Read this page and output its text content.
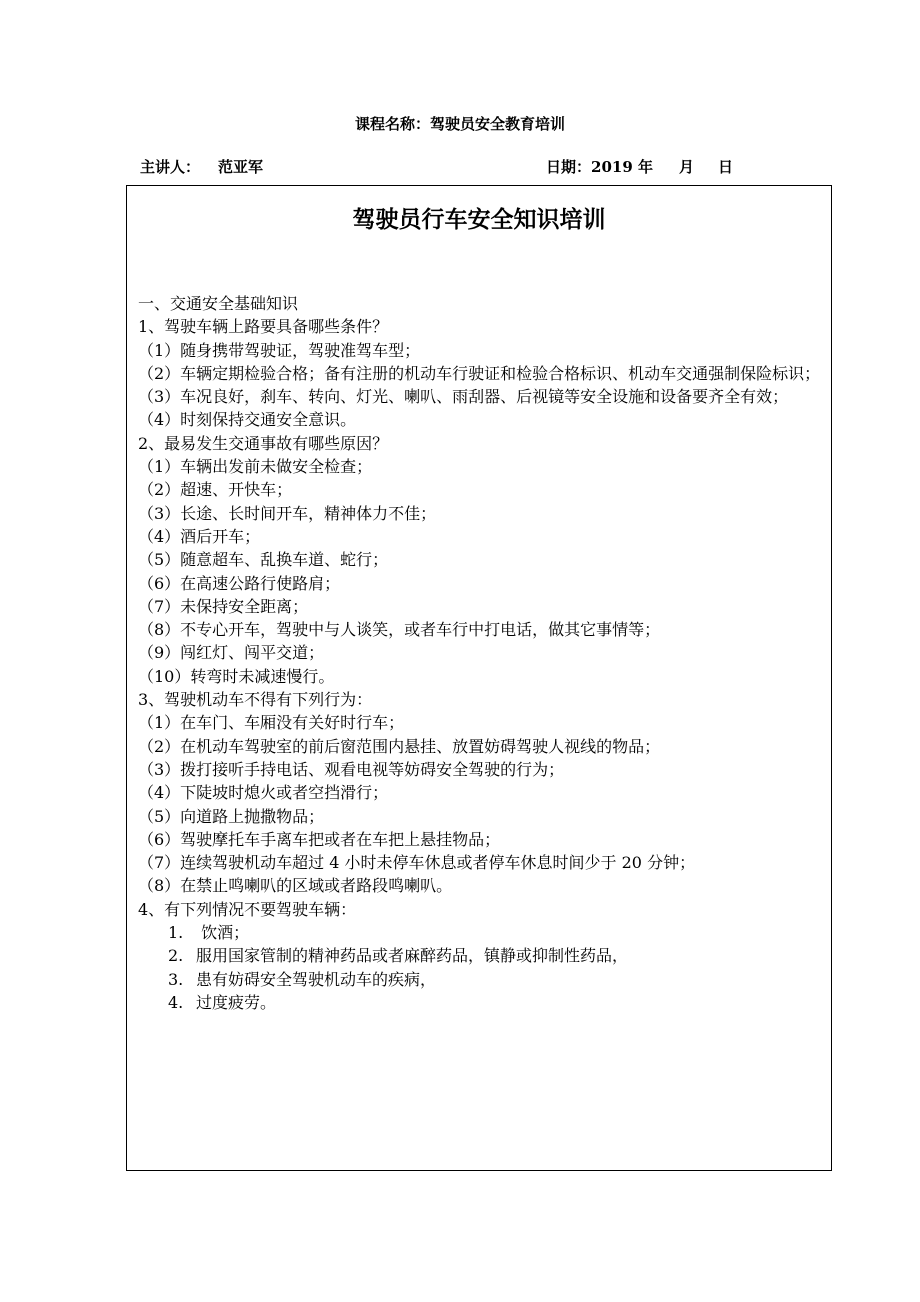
课程名称：驾驶员安全教育培训
主讲人： 范亚军	日期：2019 年 月 日
驾驶员行车安全知识培训
一、交通安全基础知识
1、驾驶车辆上路要具备哪些条件？
（1）随身携带驾驶证，驾驶准驾车型；
（2）车辆定期检验合格；备有注册的机动车行驶证和检验合格标识、机动车交通强制保险标识；
（3）车况良好，刹车、转向、灯光、喇叭、雨刮器、后视镜等安全设施和设备要齐全有效；
（4）时刻保持交通安全意识。
2、最易发生交通事故有哪些原因？
（1）车辆出发前未做安全检查；
（2）超速、开快车；
（3）长途、长时间开车，精神体力不佳；
（4）酒后开车；
（5）随意超车、乱换车道、蛇行；
（6）在高速公路行使路肩；
（7）未保持安全距离；
（8）不专心开车，驾驶中与人谈笑，或者车行中打电话，做其它事情等；
（9）闯红灯、闯平交道；
（10）转弯时未减速慢行。
3、驾驶机动车不得有下列行为：
（1）在车门、车厢没有关好时行车；
（2）在机动车驾驶室的前后窗范围内悬挂、放置妨碍驾驶人视线的物品；
（3）拨打接听手持电话、观看电视等妨碍安全驾驶的行为；
（4）下陡坡时熄火或者空挡滑行；
（5）向道路上抛撒物品；
（6）驾驶摩托车手离车把或者在车把上悬挂物品；
（7）连续驾驶机动车超过 4 小时未停车休息或者停车休息时间少于 20 分钟；
（8）在禁止鸣喇叭的区域或者路段鸣喇叭。
4、有下列情况不要驾驶车辆：
1. 饮酒；
2. 服用国家管制的精神药品或者麻醉药品，镇静或抑制性药品，
3. 患有妨碍安全驾驶机动车的疾病，
4. 过度疲劳。
